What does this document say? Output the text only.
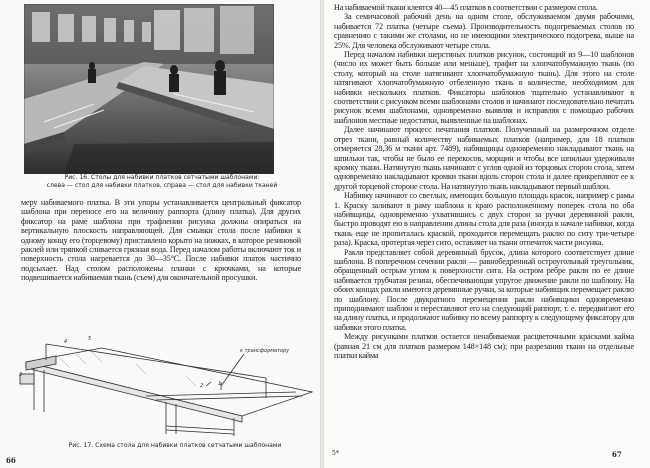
Рис. 16. Столы для набивки платков сетчатыми шаблонами:

слева — стол для набивки платков, справа — стол для набивки тканей

меру набиваемого платка. В эти упоры устанавливается центральный фиксатор шаблона при переносе его на величину раппорта (длину платка). Для других фиксатор на раме шаблона при трафлении рисунка должны опираться на вертикальную плоскость направляющей. Для смывки стола после набивки к одному концу его (торцевому) приставлено корыто на ножках, в которое резиновой раклей или тряпкой сливается грязная вода. Перед началом работы включают ток и поверхность стола нагревается до 30—35°C. После набивки платок частично подсыхает. Над столом расположены планки с крючками, на которые подвешивается набиваемая ткань (съем) для окончательной просушки.

к трансформатору
1
2
3
4	5
Рис. 17. Схема стола для набивки платков сетчатыми шаблонами
66

На набиваемой ткани клеятся 40—45 платков в соответствии с размером стола.

За семичасовой рабочий день на одном столе, обслуживаемом двумя рабочими, набивается 72 платка (четыре съема). Производительность подогреваемых столов по сравнению с такими же столами, но не имеющими электрического подогрева, выше на 25%. Для человека обслуживают четыре стола.

Перед началом набивки шерстяных платков рисунок, состоящий из 9—10 шаблонов (число их может быть больше или меньше), трафит на хлопчатобумажную ткань (по столу, который на столе натягивают хлопчатобумажную ткань). Для этого на столе натягивают хлопчатобумажную отбеленную ткань в количестве, необходимом для набивки нескольких платков. Фиксаторы шаблонов тщательно устанавливают в соответствии с рисунком всеми шаблонами столов и начинают последовательно печатать рисунок всеми шаблонами, одновременно выявляя и исправляя с помощью рабочих шаблонов местные недостатки, выявленные на шаблонах.

Далее начинают процесс печатания платков. Полученный на размерочном отделе отрез ткани, равный количеству набиваемых платков (например, для 18 платков отмеряется 28,36 м ткани арт. 7489), набивщицы одновременно накладывают ткань на шпильки так, чтобы не было ее перекосов, морщин и чтобы все шпильки удерживали кромку ткани. Натянутую ткань начинают с углов одной из торцовых сторон стола, затем одновременно накладывают кромки ткани вдоль сторон стола и далее прикрепляют ее к другой торцевой стороне стола. На натянутую ткань накладывают первый шаблон.

Набивку начинают со светлых, имеющих большую площадь красок, например с рамы 1. Краску заливают в раму шаблона к краю расположенному поперек стола по оба набивщицы, одновременно ухватившись с двух сторон за ручки деревянной ракли, быстро проводят ею в направлении длины стола для раза (иногда в начале набивки, когда ткань еще не пропиталась краской, проходится перемещать раклю по ситу три-четыре раза). Краска, протертая через сито, оставляет на ткани отпечаток части рисунка.

Ракля представляет собой деревянный брусок, длина которого соответствует длине шаблона. В поперечном сечении ракли — равнобедренный остроугольный треугольник, обращенный острым углом к поверхности сита. На остром ребре ракли по ее длине набивается трубчатая резина, обеспечивающая упругое движение ракли по шаблону. На обоих концах ракли имеются деревянные ручки, за которые набивщик перемещает раклю по шаблону. После двукратного перемещения ракли набивщики одновременно приподнимают шаблон и переставляют его на следующий раппорт, т. е. передвигают его на длину платка, и продолжают набивку по всему раппорту к следующему фиксатору для набивки этого платка.

Между рисунками платков остается ненабиваемая расцветочными красками кайма (равная 21 см для платков размером 148×148 см); при разрезании ткани на отдельные платки кайма

5*	67
